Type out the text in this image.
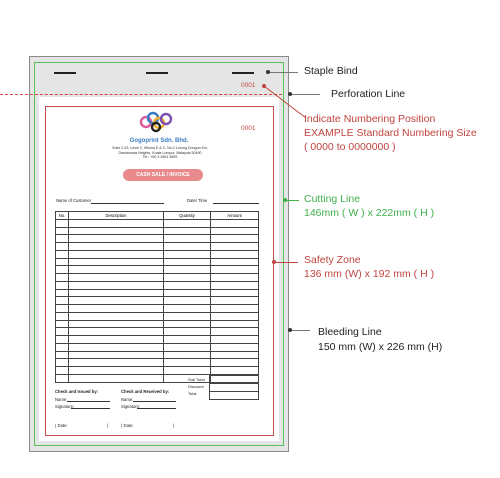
0001
0001
Gogoprint Sdn. Bhd.
Suite 2.03, Level 2, Wisma E & C, No.2 Lorong Dungun Kiri,
Damansara Heights, Kuala Lumpur, Malaysia 50490
Tel : +60 3 2651 5899
CASH SALE / INVOICE
Name of Customer	Date/ Time
No.	Description	Quantity	Amount

Sub Total
Discount
Total

Check and Issued by:	Check and Received by:
Name:
Signature:
Name:
Signature:
( Date:	)	( Date:	)
Staple Bind
Perforation Line
Indicate Numbering Position
EXAMPLE Standard Numbering Size
( 0000 to 0000000 )
Cutting Line
146mm ( W ) x 222mm ( H )
Safety Zone
136 mm (W) x 192 mm ( H )
Bleeding Line
150 mm (W) x 226 mm (H)
